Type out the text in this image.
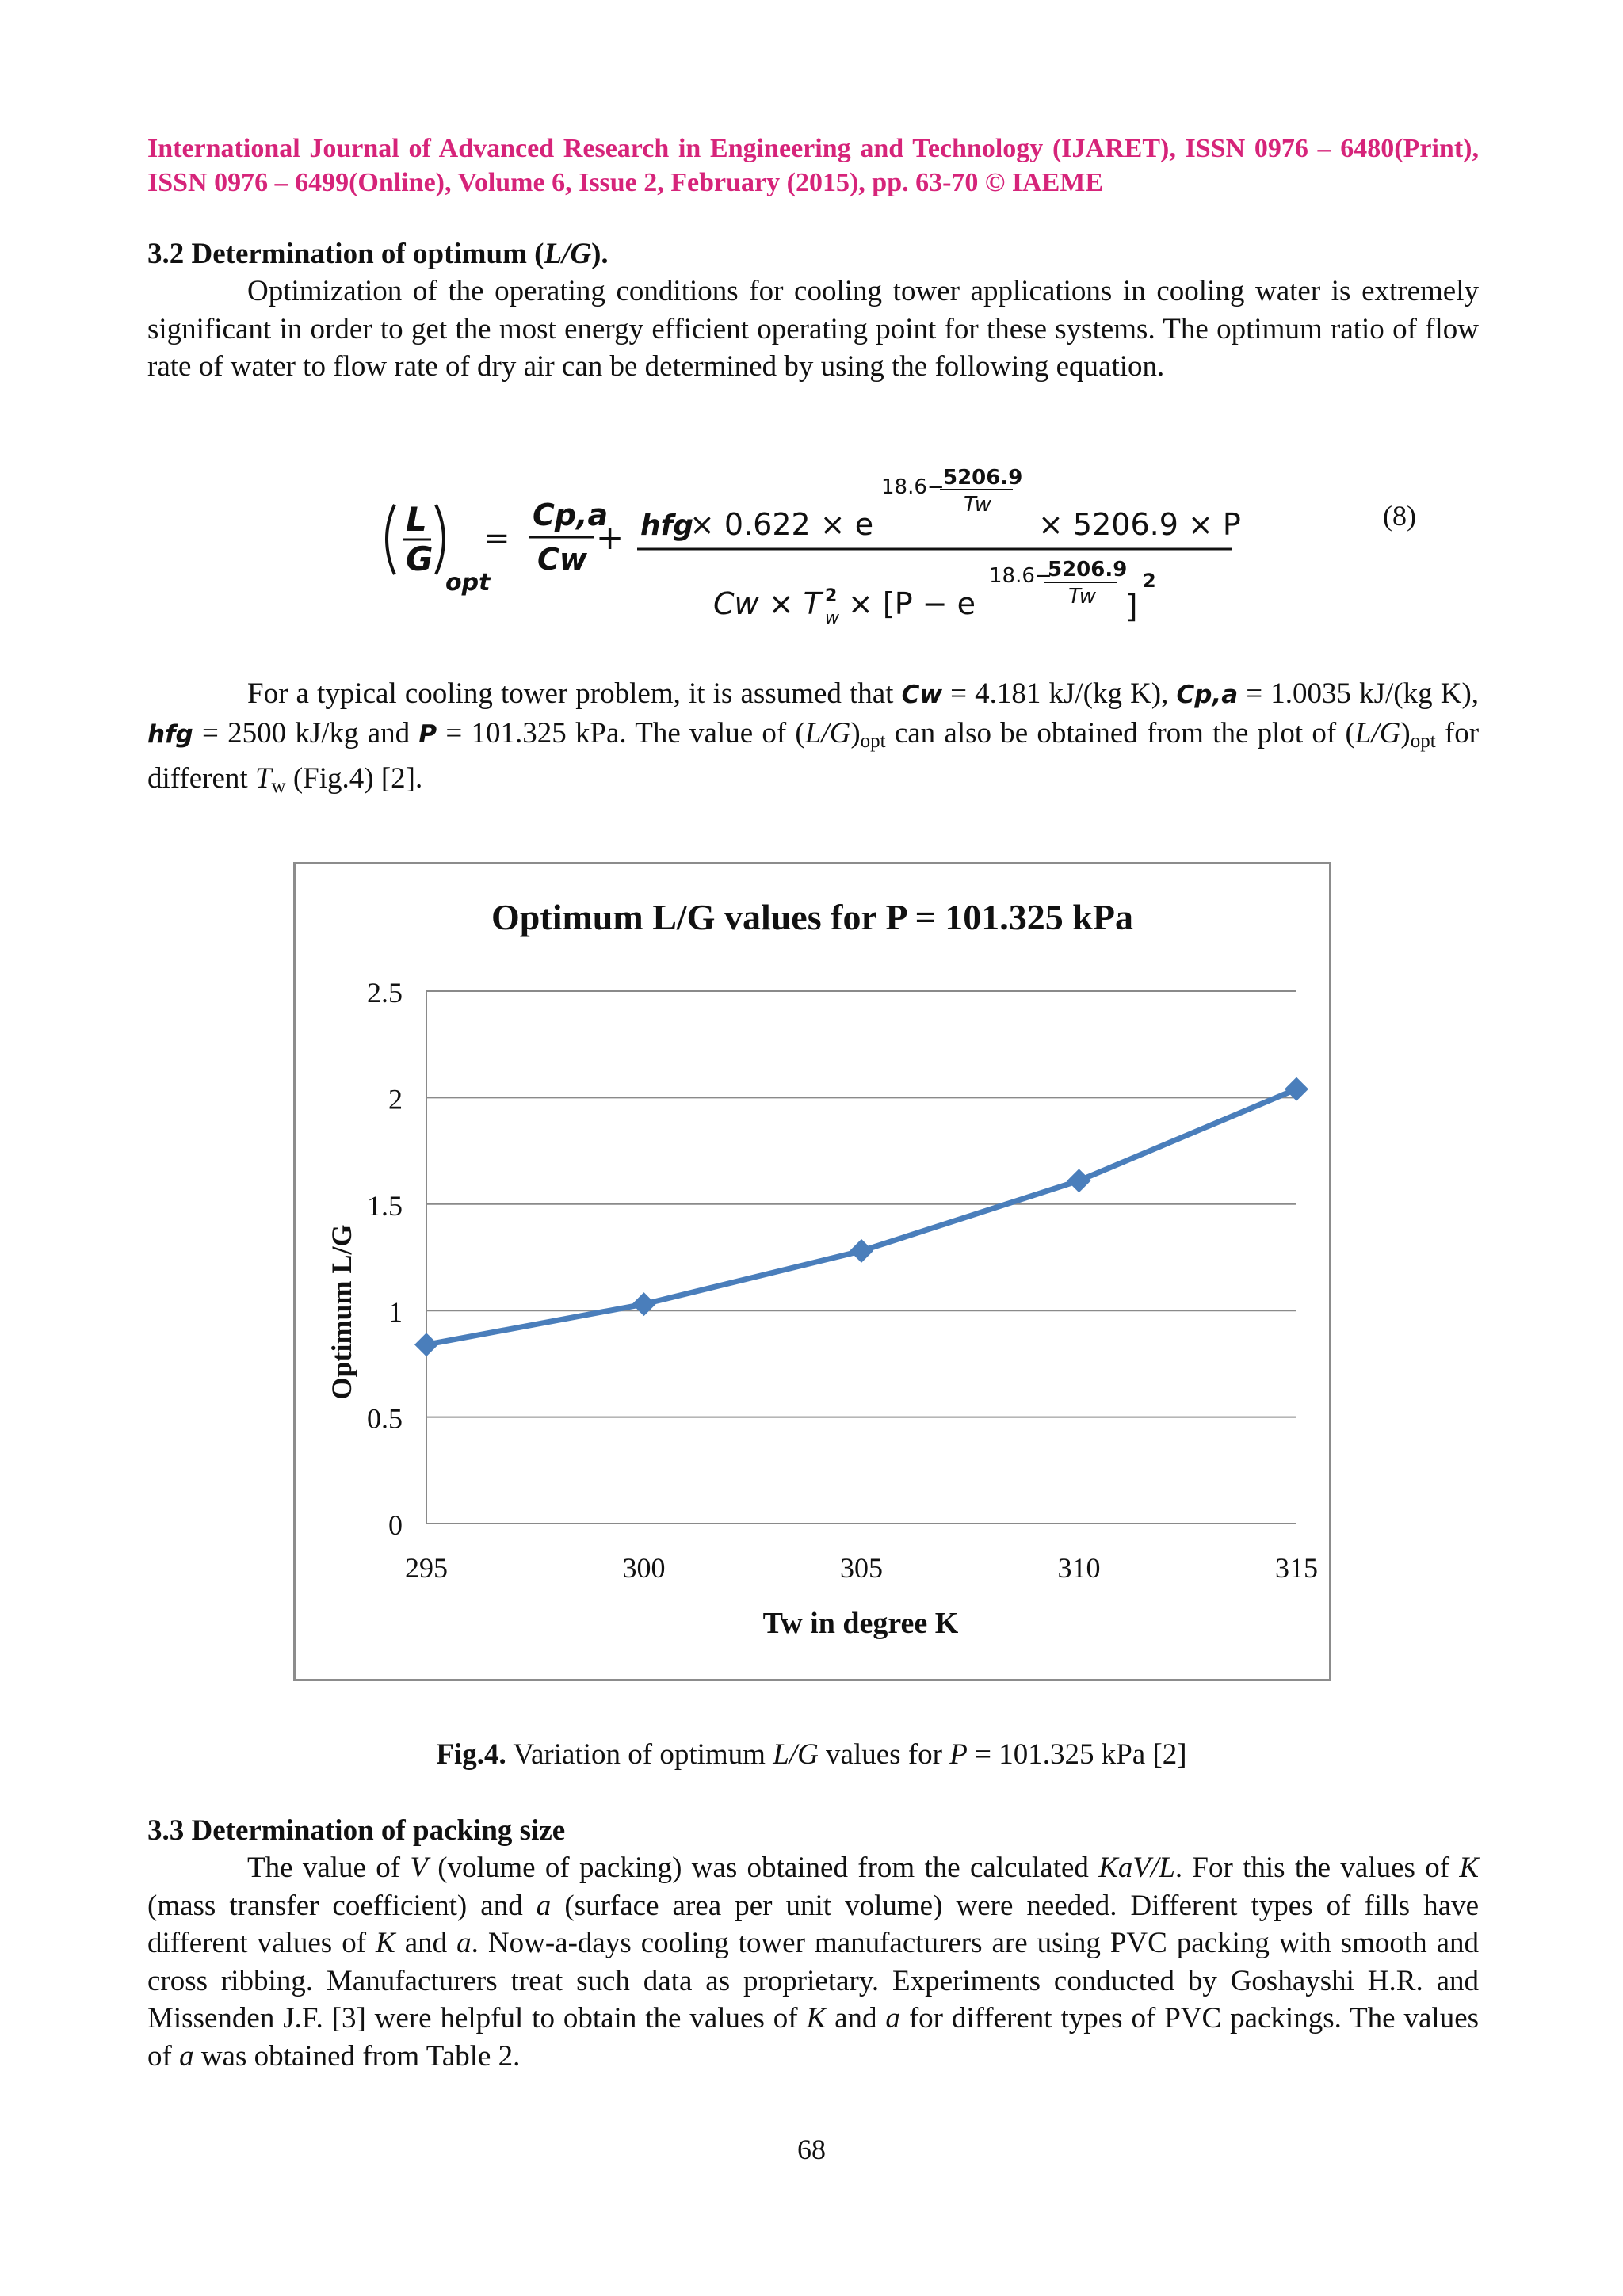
International Journal of Advanced Research in Engineering and Technology (IJARET), ISSN 0976 – 6480(Print), ISSN 0976 – 6499(Online), Volume 6, Issue 2, February (2015), pp. 63-70 © IAEME
3.2 Determination of optimum (L/G).
Optimization of the operating conditions for cooling tower applications in cooling water is extremely significant in order to get the most energy efficient operating point for these systems. The optimum ratio of flow rate of water to flow rate of dry air can be determined by using the following equation.
L
G
opt
=
Cp,a
Cw
+ hfg
× 0.622 × e
18.6−
5206.9
Tw
× 5206.9 × P
Cw × T 2
w × [P − e
18.6−
5206.9
Tw ]
2
(8)
For a typical cooling tower problem, it is assumed that Cw = 4.181 kJ/(kg K), Cp,a = 1.0035 kJ/(kg K), hfg = 2500 kJ/kg and P = 101.325 kPa. The value of $(L/G)_{opt}$ can also be obtained from the plot of $(L/G)_{opt}$ for different $T_w$ (Fig.4) [2].
Optimum L/G values for P = 101.325 kPa
Optimum L/G
Tw in degree K
0
0.5
1
1.5
2
2.5
295	300	305	310	315
Fig.4. Variation of optimum L/G values for P = 101.325 kPa [2]
3.3 Determination of packing size
The value of V (volume of packing) was obtained from the calculated KaV/L. For this the values of K (mass transfer coefficient) and a (surface area per unit volume) were needed. Different types of fills have different values of K and a. Now-a-days cooling tower manufacturers are using PVC packing with smooth and cross ribbing. Manufacturers treat such data as proprietary. Experiments conducted by Goshayshi H.R. and Missenden J.F. [3] were helpful to obtain the values of K and a for different types of PVC packings. The values of a was obtained from Table 2.
68
